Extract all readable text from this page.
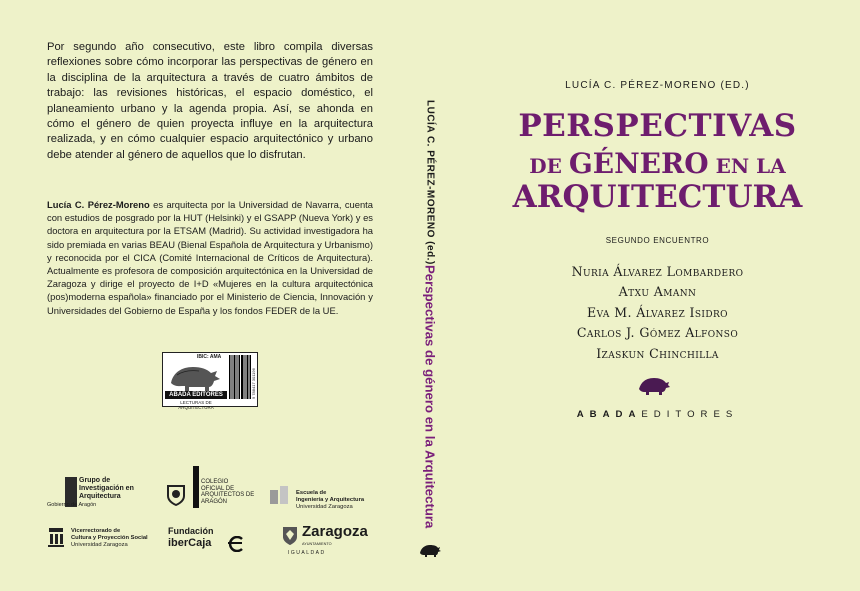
Por segundo año consecutivo, este libro compila diversas reflexiones sobre cómo incorporar las perspectivas de género en la disciplina de la arquitectura a través de cuatro ámbitos de trabajo: las revisiones históricas, el espacio doméstico, el planeamiento urbano y la agenda propia. Así, se ahonda en cómo el género de quien proyecta influye en la arquitectura realizada, y en cómo cualquier espacio arquitectónico y urbano debe atender al género de aquellos que lo disfrutan.

Lucía C. Pérez-Moreno es arquitecta por la Universidad de Navarra, cuenta con estudios de posgrado por la HUT (Helsinki) y el GSAPP (Nueva York) y es doctora en arquitectura por la ETSAM (Madrid). Su actividad investigadora ha sido premiada en varias BEAU (Bienal Española de Arquitectura y Urbanismo) y reconocida por el CICA (Comité Internacional de Críticos de Arquitectura). Actualmente es profesora de composición arquitectónica en la Universidad de Zaragoza y dirige el proyecto de I+D «Mujeres en la cultura arquitectónica (pos)moderna española» financiado por el Ministerio de Ciencia, Innovación y Universidades del Gobierno de España y los fondos FEDER de la UE.

IBIC: AMA
9 788417 301196
ABADA EDITORES
LECTURAS DE ARQUITECTURA
Grupo de
Investigación en
Arquitectura
Gobierno de Aragón
COLEGIO
OFICIAL DE
ARQUITECTOS DE
ARAGÓN
Escuela de
Ingeniería y Arquitectura
Universidad Zaragoza
Vicerrectorado de
Cultura y Proyección Social
Universidad Zaragoza
Fundación
iberCaja
Zaragoza
AYUNTAMIENTO
IGUALDAD
LUCÍA C. PÉREZ-MORENO (ed.)
Perspectivas de género en la Arquitectura
LUCÍA C. PÉREZ-MORENO (ED.)
PERSPECTIVAS
DE GÉNERO EN LA
ARQUITECTURA
SEGUNDO ENCUENTRO
Nuria Álvarez Lombardero
Atxu Amann
Eva M. Álvarez Isidro
Carlos J. Gómez Alfonso
Izaskun Chinchilla
ABADAEDITORES
